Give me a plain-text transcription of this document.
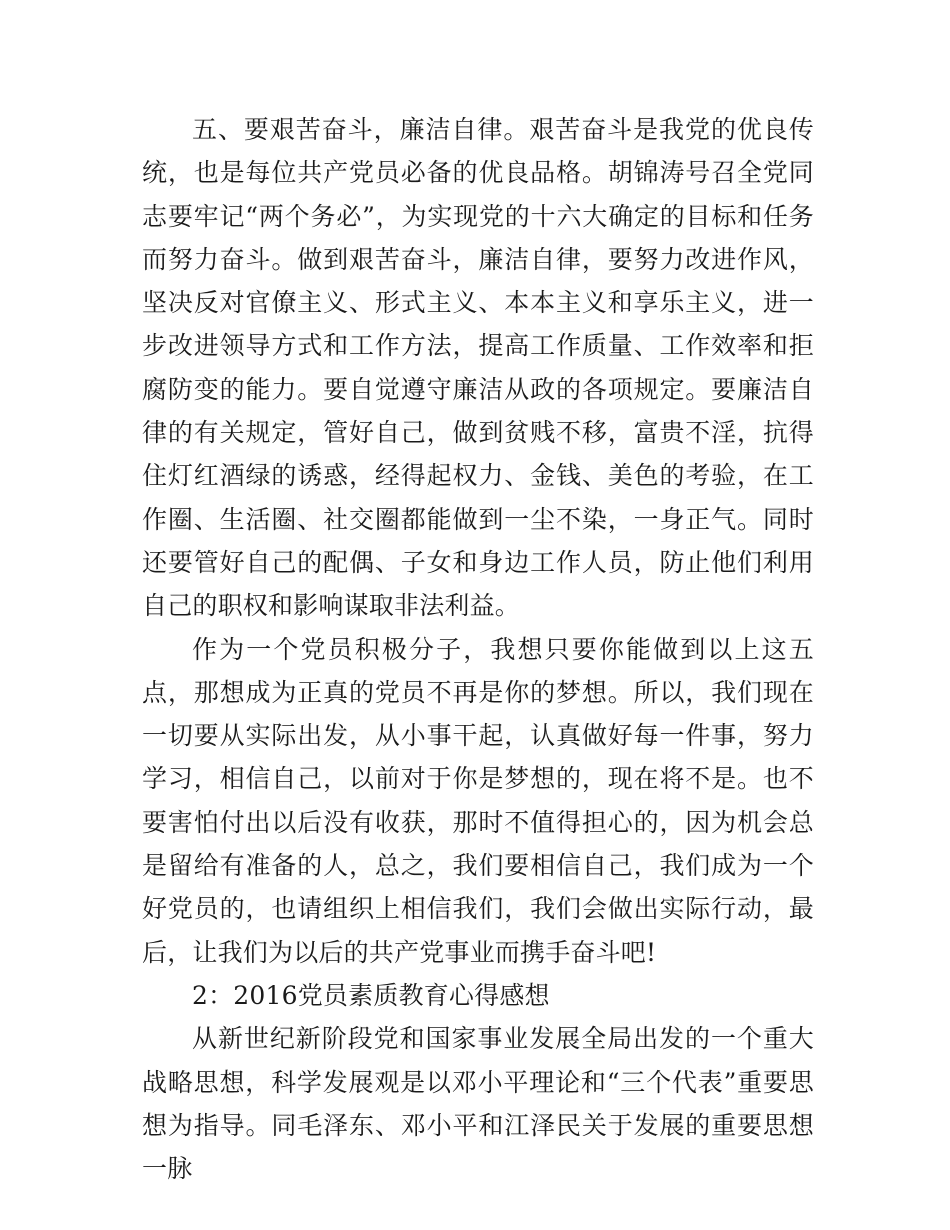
五、要艰苦奋斗，廉洁自律。艰苦奋斗是我党的优良传统，也是每位共产党员必备的优良品格。胡锦涛号召全党同志要牢记“两个务必”，为实现党的十六大确定的目标和任务而努力奋斗。做到艰苦奋斗，廉洁自律，要努力改进作风，坚决反对官僚主义、形式主义、本本主义和享乐主义，进一步改进领导方式和工作方法，提高工作质量、工作效率和拒腐防变的能力。要自觉遵守廉洁从政的各项规定。要廉洁自律的有关规定，管好自己，做到贫贱不移，富贵不淫，抗得住灯红酒绿的诱惑，经得起权力、金钱、美色的考验，在工作圈、生活圈、社交圈都能做到一尘不染，一身正气。同时还要管好自己的配偶、子女和身边工作人员，防止他们利用自己的职权和影响谋取非法利益。

作为一个党员积极分子，我想只要你能做到以上这五点，那想成为正真的党员不再是你的梦想。所以，我们现在一切要从实际出发，从小事干起，认真做好每一件事，努力学习，相信自己，以前对于你是梦想的，现在将不是。也不要害怕付出以后没有收获，那时不值得担心的，因为机会总是留给有准备的人，总之，我们要相信自己，我们成为一个好党员的，也请组织上相信我们，我们会做出实际行动，最后，让我们为以后的共产党事业而携手奋斗吧!

2：2016党员素质教育心得感想

从新世纪新阶段党和国家事业发展全局出发的一个重大战略思想，科学发展观是以邓小平理论和“三个代表”重要思想为指导。同毛泽东、邓小平和江泽民关于发展的重要思想一脉
